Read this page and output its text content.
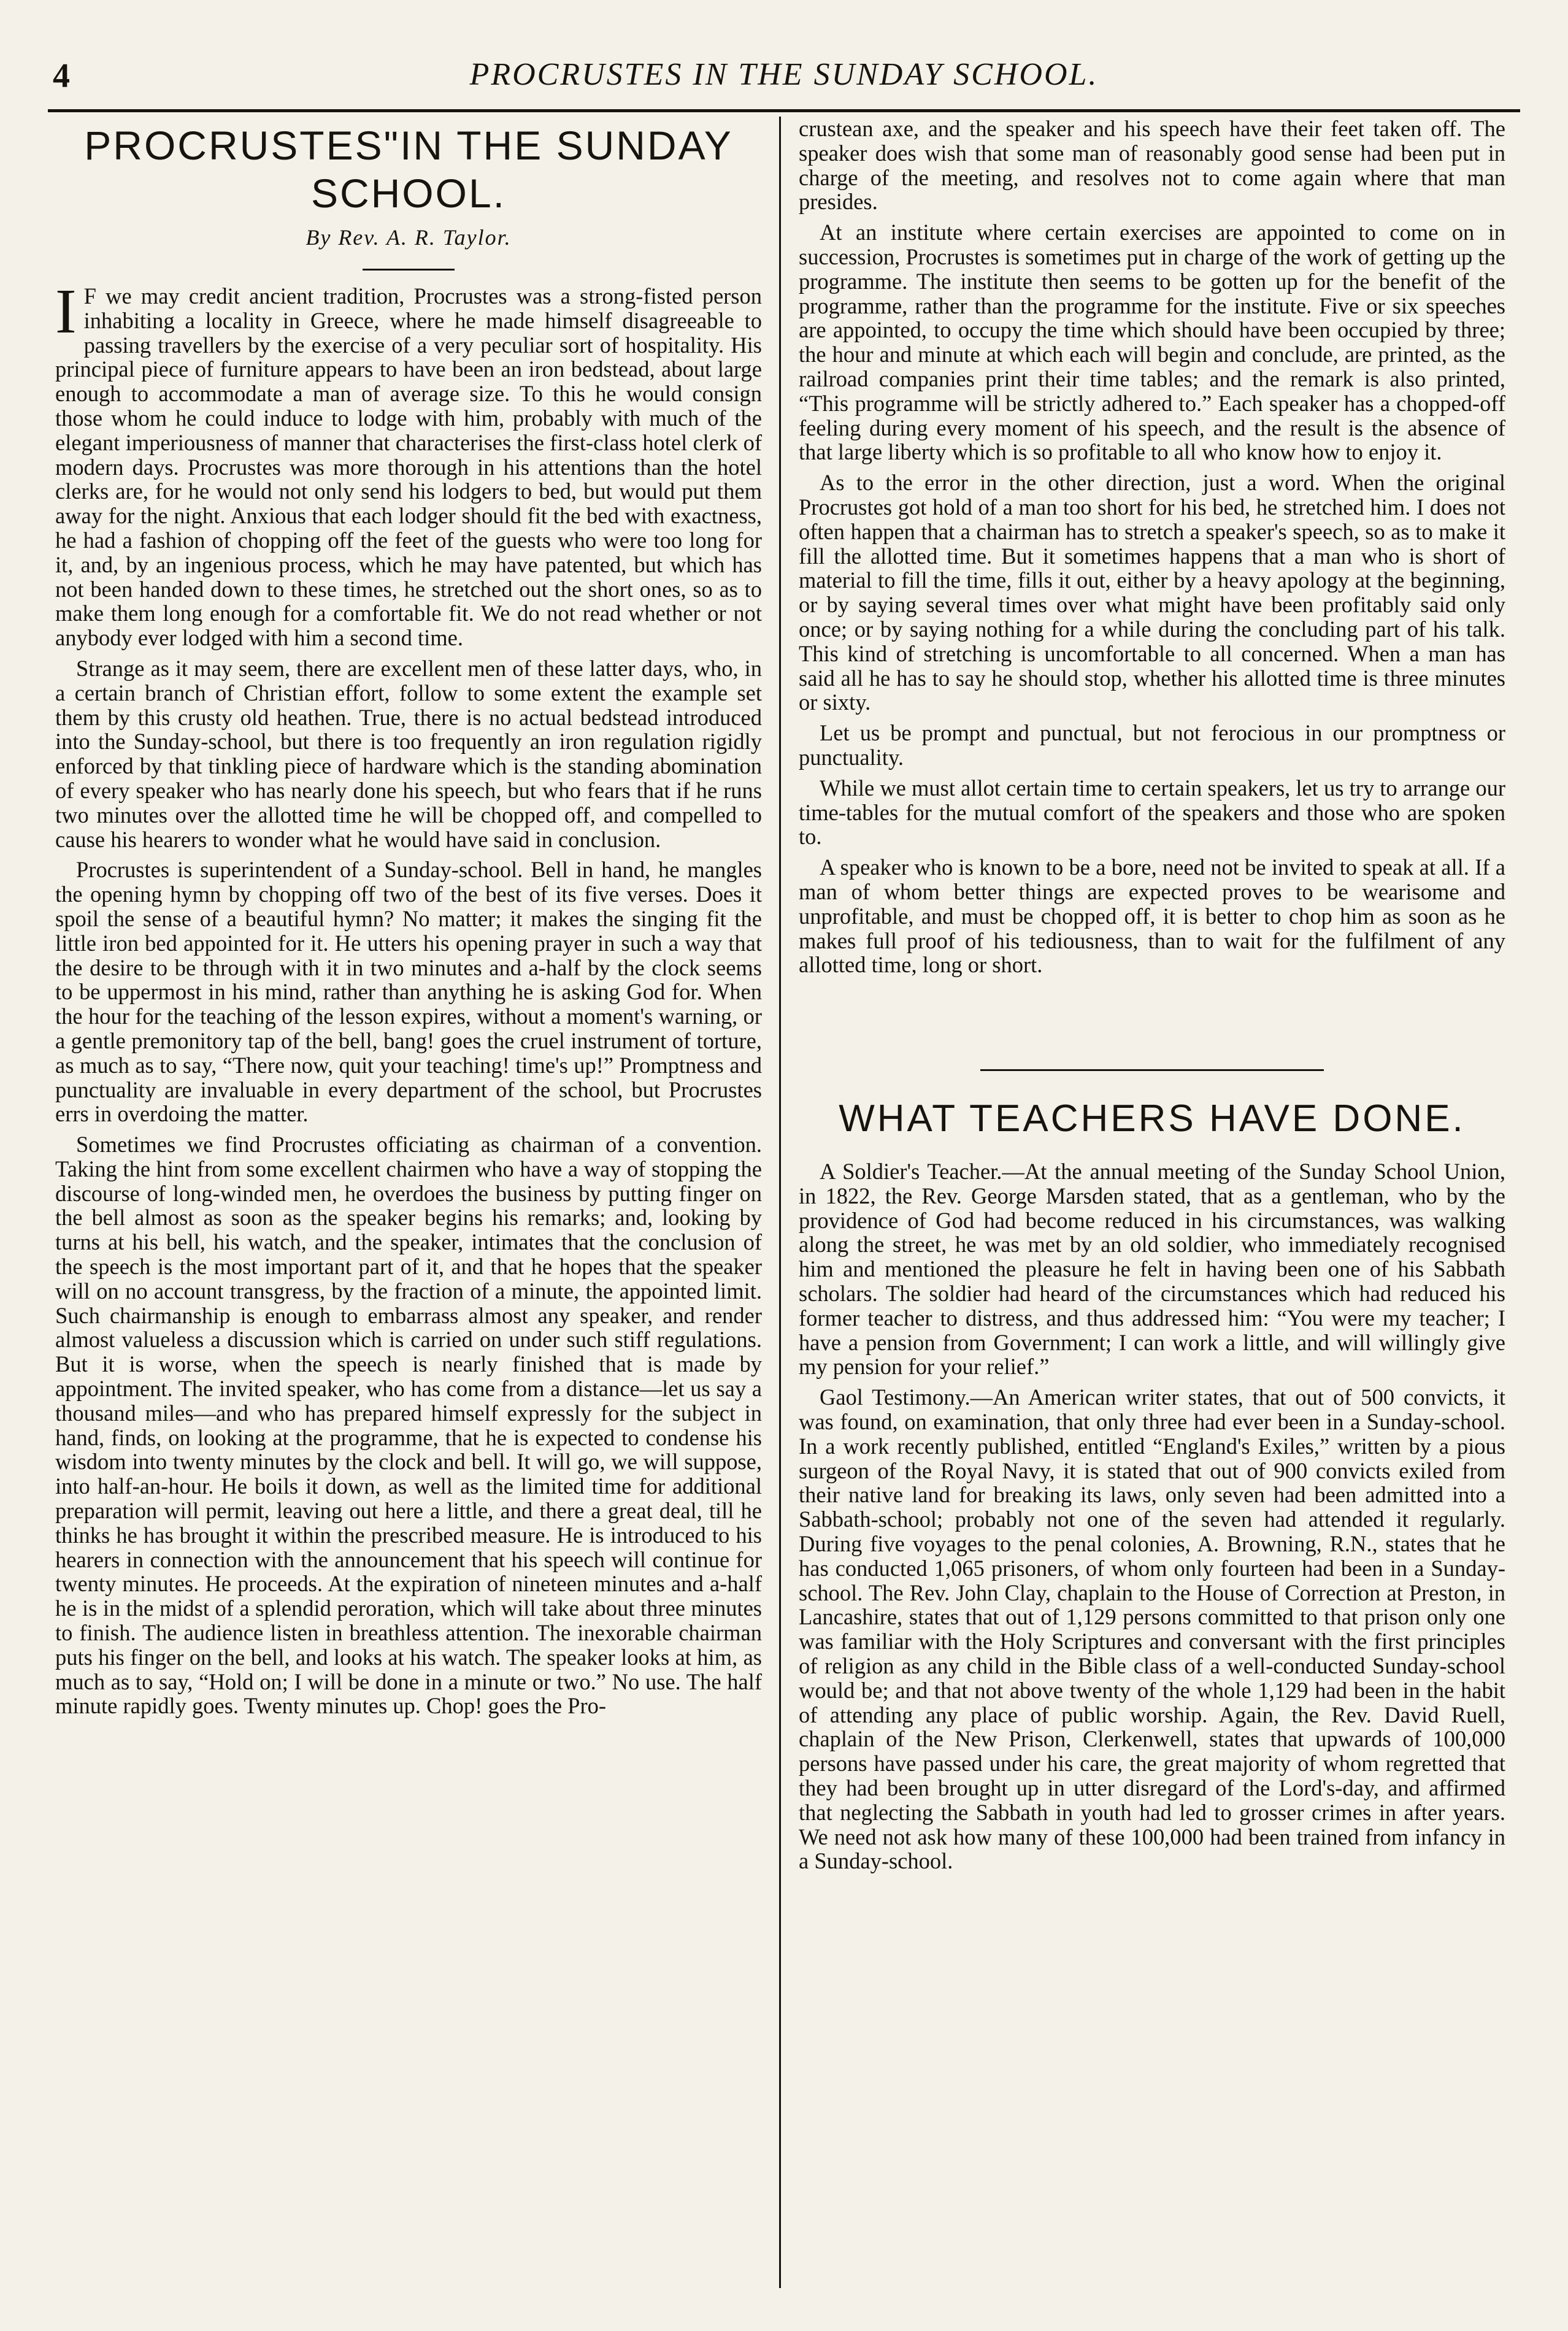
4	PROCRUSTES IN THE SUNDAY SCHOOL.
PROCRUSTES"IN THE SUNDAY SCHOOL.
By Rev. A. R. Taylor.

I F we may credit ancient tradition, Procrustes was a strong-fisted person inhabiting a locality in Greece, where he made himself disagreeable to passing travellers by the exercise of a very peculiar sort of hospitality. His principal piece of furniture appears to have been an iron bedstead, about large enough to accommodate a man of average size. To this he would consign those whom he could induce to lodge with him, probably with much of the elegant imperiousness of manner that characterises the first-class hotel clerk of modern days. Procrustes was more thorough in his attentions than the hotel clerks are, for he would not only send his lodgers to bed, but would put them away for the night. Anxious that each lodger should fit the bed with exactness, he had a fashion of chopping off the feet of the guests who were too long for it, and, by an ingenious process, which he may have patented, but which has not been handed down to these times, he stretched out the short ones, so as to make them long enough for a comfortable fit. We do not read whether or not anybody ever lodged with him a second time.

Strange as it may seem, there are excellent men of these latter days, who, in a certain branch of Christian effort, follow to some extent the example set them by this crusty old heathen. True, there is no actual bedstead introduced into the Sunday-school, but there is too frequently an iron regulation rigidly enforced by that tinkling piece of hardware which is the standing abomination of every speaker who has nearly done his speech, but who fears that if he runs two minutes over the allotted time he will be chopped off, and compelled to cause his hearers to wonder what he would have said in conclusion.

Procrustes is superintendent of a Sunday-school. Bell in hand, he mangles the opening hymn by chopping off two of the best of its five verses. Does it spoil the sense of a beautiful hymn? No matter; it makes the singing fit the little iron bed appointed for it. He utters his opening prayer in such a way that the desire to be through with it in two minutes and a-half by the clock seems to be uppermost in his mind, rather than anything he is asking God for. When the hour for the teaching of the lesson expires, without a moment's warning, or a gentle premonitory tap of the bell, bang! goes the cruel instrument of torture, as much as to say, “There now, quit your teaching! time's up!” Promptness and punctuality are invaluable in every department of the school, but Procrustes errs in overdoing the matter.

Sometimes we find Procrustes officiating as chairman of a convention. Taking the hint from some excellent chairmen who have a way of stopping the discourse of long-winded men, he overdoes the business by putting finger on the bell almost as soon as the speaker begins his remarks; and, looking by turns at his bell, his watch, and the speaker, intimates that the conclusion of the speech is the most important part of it, and that he hopes that the speaker will on no account transgress, by the fraction of a minute, the appointed limit. Such chairmanship is enough to embarrass almost any speaker, and render almost valueless a discussion which is carried on under such stiff regulations. But it is worse, when the speech is nearly finished that is made by appointment. The invited speaker, who has come from a distance—let us say a thousand miles—and who has prepared himself expressly for the subject in hand, finds, on looking at the programme, that he is expected to condense his wisdom into twenty minutes by the clock and bell. It will go, we will suppose, into half-an-hour. He boils it down, as well as the limited time for additional preparation will permit, leaving out here a little, and there a great deal, till he thinks he has brought it within the prescribed measure. He is introduced to his hearers in connection with the announcement that his speech will continue for twenty minutes. He proceeds. At the expiration of nineteen minutes and a-half he is in the midst of a splendid peroration, which will take about three minutes to finish. The audience listen in breathless attention. The inexorable chairman puts his finger on the bell, and looks at his watch. The speaker looks at him, as much as to say, “Hold on; I will be done in a minute or two.” No use. The half minute rapidly goes. Twenty minutes up. Chop! goes the Pro-

crustean axe, and the speaker and his speech have their feet taken off. The speaker does wish that some man of reasonably good sense had been put in charge of the meeting, and resolves not to come again where that man presides.

At an institute where certain exercises are appointed to come on in succession, Procrustes is sometimes put in charge of the work of getting up the programme. The institute then seems to be gotten up for the benefit of the programme, rather than the programme for the institute. Five or six speeches are appointed, to occupy the time which should have been occupied by three; the hour and minute at which each will begin and conclude, are printed, as the railroad companies print their time tables; and the remark is also printed, “This programme will be strictly adhered to.” Each speaker has a chopped-off feeling during every moment of his speech, and the result is the absence of that large liberty which is so profitable to all who know how to enjoy it.

As to the error in the other direction, just a word. When the original Procrustes got hold of a man too short for his bed, he stretched him. I does not often happen that a chairman has to stretch a speaker's speech, so as to make it fill the allotted time. But it sometimes happens that a man who is short of material to fill the time, fills it out, either by a heavy apology at the beginning, or by saying several times over what might have been profitably said only once; or by saying nothing for a while during the concluding part of his talk. This kind of stretching is uncomfortable to all concerned. When a man has said all he has to say he should stop, whether his allotted time is three minutes or sixty.

Let us be prompt and punctual, but not ferocious in our promptness or punctuality.

While we must allot certain time to certain speakers, let us try to arrange our time-tables for the mutual comfort of the speakers and those who are spoken to.

A speaker who is known to be a bore, need not be invited to speak at all. If a man of whom better things are expected proves to be wearisome and unprofitable, and must be chopped off, it is better to chop him as soon as he makes full proof of his tediousness, than to wait for the fulfilment of any allotted time, long or short.

WHAT TEACHERS HAVE DONE.

A Soldier's Teacher.—At the annual meeting of the Sunday School Union, in 1822, the Rev. George Marsden stated, that as a gentleman, who by the providence of God had become reduced in his circumstances, was walking along the street, he was met by an old soldier, who immediately recognised him and mentioned the pleasure he felt in having been one of his Sabbath scholars. The soldier had heard of the circumstances which had reduced his former teacher to distress, and thus addressed him: “You were my teacher; I have a pension from Government; I can work a little, and will willingly give my pension for your relief.”

Gaol Testimony.—An American writer states, that out of 500 convicts, it was found, on examination, that only three had ever been in a Sunday-school. In a work recently published, entitled “England's Exiles,” written by a pious surgeon of the Royal Navy, it is stated that out of 900 convicts exiled from their native land for breaking its laws, only seven had been admitted into a Sabbath-school; probably not one of the seven had attended it regularly. During five voyages to the penal colonies, A. Browning, R.N., states that he has conducted 1,065 prisoners, of whom only fourteen had been in a Sunday-school. The Rev. John Clay, chaplain to the House of Correction at Preston, in Lancashire, states that out of 1,129 persons committed to that prison only one was familiar with the Holy Scriptures and conversant with the first principles of religion as any child in the Bible class of a well-conducted Sunday-school would be; and that not above twenty of the whole 1,129 had been in the habit of attending any place of public worship. Again, the Rev. David Ruell, chaplain of the New Prison, Clerkenwell, states that upwards of 100,000 persons have passed under his care, the great majority of whom regretted that they had been brought up in utter disregard of the Lord's-day, and affirmed that neglecting the Sabbath in youth had led to grosser crimes in after years. We need not ask how many of these 100,000 had been trained from infancy in a Sunday-school.
